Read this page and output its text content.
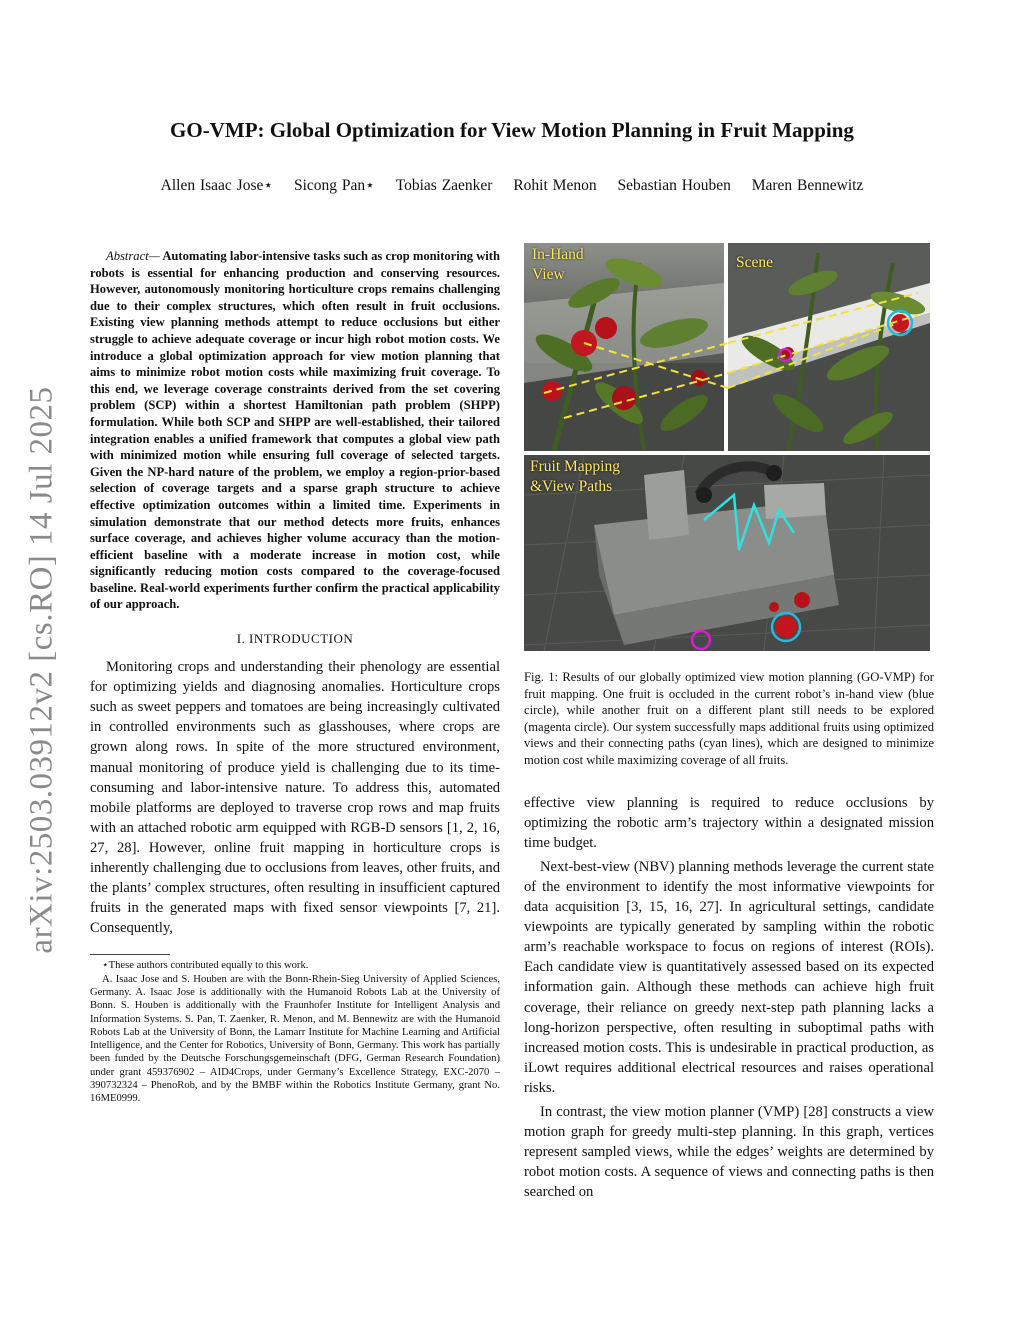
arXiv:2503.03912v2 [cs.RO] 14 Jul 2025
GO-VMP: Global Optimization for View Motion Planning in Fruit Mapping
Allen Isaac Jose⋆ Sicong Pan⋆ Tobias Zaenker Rohit Menon Sebastian Houben Maren Bennewitz

Abstract— Automating labor-intensive tasks such as crop monitoring with robots is essential for enhancing production and conserving resources. However, autonomously monitoring horticulture crops remains challenging due to their complex structures, which often result in fruit occlusions. Existing view planning methods attempt to reduce occlusions but either struggle to achieve adequate coverage or incur high robot motion costs. We introduce a global optimization approach for view motion planning that aims to minimize robot motion costs while maximizing fruit coverage. To this end, we leverage coverage constraints derived from the set covering problem (SCP) within a shortest Hamiltonian path problem (SHPP) formulation. While both SCP and SHPP are well-established, their tailored integration enables a unified framework that computes a global view path with minimized motion while ensuring full coverage of selected targets. Given the NP-hard nature of the problem, we employ a region-prior-based selection of coverage targets and a sparse graph structure to achieve effective optimization outcomes within a limited time. Experiments in simulation demonstrate that our method detects more fruits, enhances surface coverage, and achieves higher volume accuracy than the motion-efficient baseline with a moderate increase in motion cost, while significantly reducing motion costs compared to the coverage-focused baseline. Real-world experiments further confirm the practical applicability of our approach.

I. INTRODUCTION

Monitoring crops and understanding their phenology are essential for optimizing yields and diagnosing anomalies. Horticulture crops such as sweet peppers and tomatoes are being increasingly cultivated in controlled environments such as glasshouses, where crops are grown along rows. In spite of the more structured environment, manual monitoring of produce yield is challenging due to its time-consuming and labor-intensive nature. To address this, automated mobile platforms are deployed to traverse crop rows and map fruits with an attached robotic arm equipped with RGB-D sensors [1, 2, 16, 27, 28]. However, online fruit mapping in horticulture crops is inherently challenging due to occlusions from leaves, other fruits, and the plants’ complex structures, often resulting in insufficient captured fruits in the generated maps with fixed sensor viewpoints [7, 21]. Consequently,

⋆These authors contributed equally to this work.

A. Isaac Jose and S. Houben are with the Bonn-Rhein-Sieg University of Applied Sciences, Germany. A. Isaac Jose is additionally with the Humanoid Robots Lab at the University of Bonn. S. Houben is additionally with the Fraunhofer Institute for Intelligent Analysis and Information Systems. S. Pan, T. Zaenker, R. Menon, and M. Bennewitz are with the Humanoid Robots Lab at the University of Bonn, the Lamarr Institute for Machine Learning and Artificial Intelligence, and the Center for Robotics, University of Bonn, Germany. This work has partially been funded by the Deutsche Forschungsgemeinschaft (DFG, German Research Foundation) under grant 459376902 – AID4Crops, under Germany’s Excellence Strategy, EXC-2070 – 390732324 – PhenoRob, and by the BMBF within the Robotics Institute Germany, grant No. 16ME0999.

In-Hand
View
Scene
Fruit Mapping
&View Paths

Fig. 1: Results of our globally optimized view motion planning (GO-VMP) for fruit mapping. One fruit is occluded in the current robot’s in-hand view (blue circle), while another fruit on a different plant still needs to be explored (magenta circle). Our system successfully maps additional fruits using optimized views and their connecting paths (cyan lines), which are designed to minimize motion cost while maximizing coverage of all fruits.

effective view planning is required to reduce occlusions by optimizing the robotic arm’s trajectory within a designated mission time budget.

Next-best-view (NBV) planning methods leverage the current state of the environment to identify the most informative viewpoints for data acquisition [3, 15, 16, 27]. In agricultural settings, candidate viewpoints are typically generated by sampling within the robotic arm’s reachable workspace to focus on regions of interest (ROIs). Each candidate view is quantitatively assessed based on its expected information gain. Although these methods can achieve high fruit coverage, their reliance on greedy next-step path planning lacks a long-horizon perspective, often resulting in suboptimal paths with increased motion costs. This is undesirable in practical production, as iLowt requires additional electrical resources and raises operational risks.

In contrast, the view motion planner (VMP) [28] constructs a view motion graph for greedy multi-step planning. In this graph, vertices represent sampled views, while the edges’ weights are determined by robot motion costs. A sequence of views and connecting paths is then searched on
